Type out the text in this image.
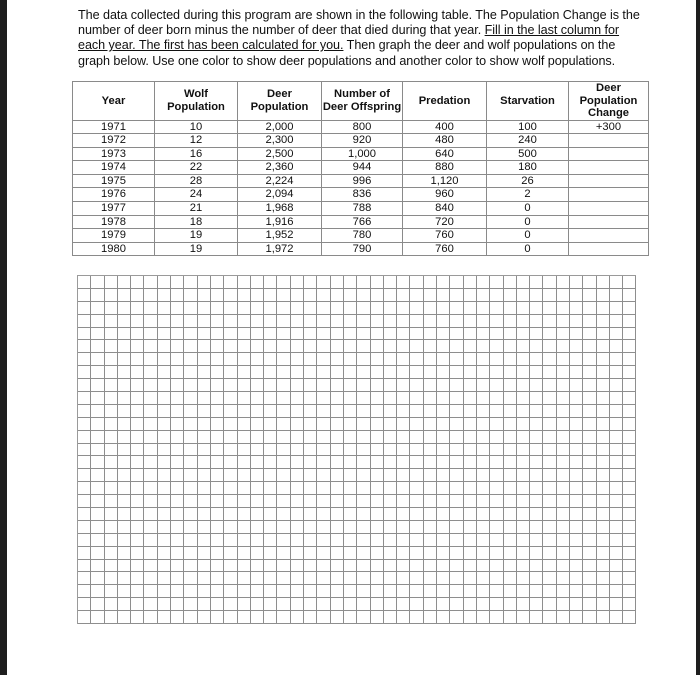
The data collected during this program are shown in the following table. The Population Change is the number of deer born minus the number of deer that died during that year. Fill in the last column for each year. The first has been calculated for you. Then graph the deer and wolf populations on the graph below. Use one color to show deer populations and another color to show wolf populations.

Year	Wolf Population	Deer Population	Number of Deer Offspring	Predation	Starvation	Deer Population Change
1971	10	2,000	800	400	100	+300
1972	12	2,300	920	480	240	
1973	16	2,500	1,000	640	500	
1974	22	2,360	944	880	180	
1975	28	2,224	996	1,120	26	
1976	24	2,094	836	960	2	
1977	21	1,968	788	840	0	
1978	18	1,916	766	720	0	
1979	19	1,952	780	760	0	
1980	19	1,972	790	760	0	
